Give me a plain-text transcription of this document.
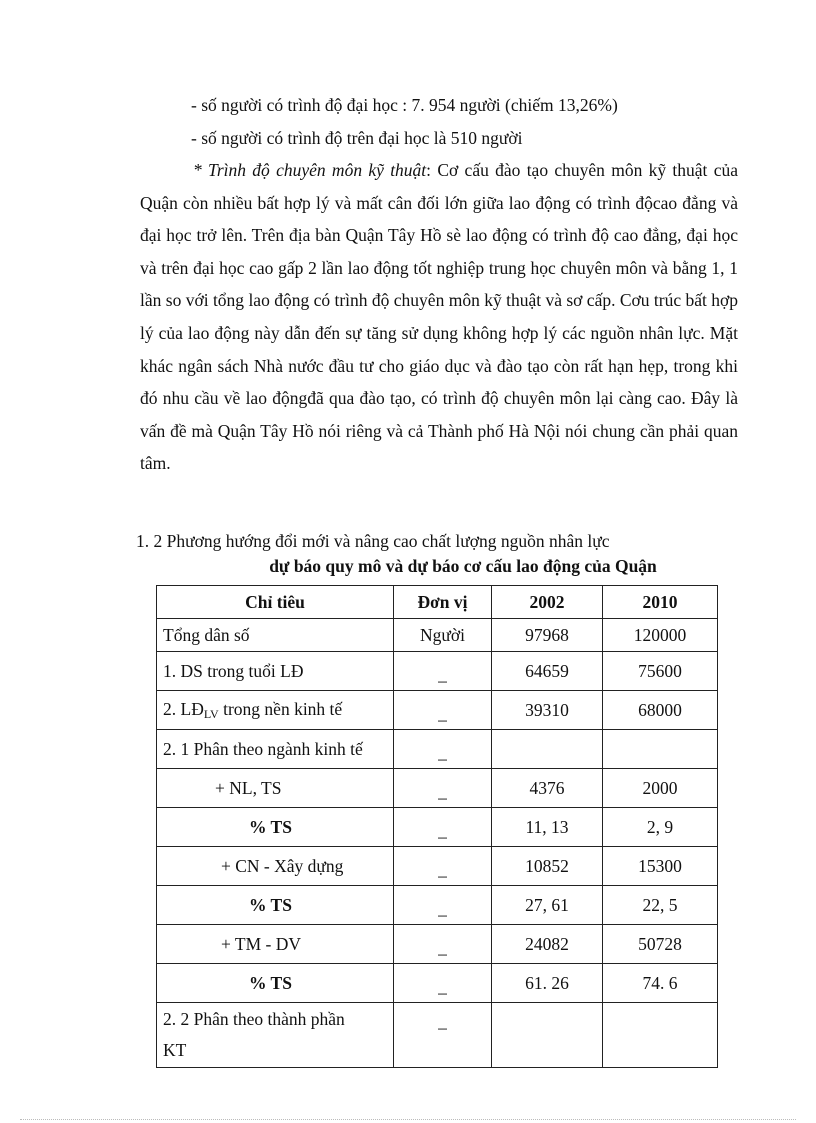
- số người có trình độ đại học : 7. 954 người (chiếm 13,26%)
- số người có trình độ trên đại học là 510 người

* Trình độ chuyên môn kỹ thuật: Cơ cấu đào tạo chuyên môn kỹ thuật của Quận còn nhiều bất hợp lý và mất cân đối lớn giữa lao động có trình độcao đẳng và đại học trở lên. Trên địa bàn Quận Tây Hồ sè lao động có trình độ cao đẳng, đại học và trên đại học cao gấp 2 lần lao động tốt nghiệp trung học chuyên môn và bằng 1, 1 lần so với tổng lao động có trình độ chuyên môn kỹ thuật và sơ cấp. Cơu trúc bất hợp lý của lao động này dẫn đến sự tăng sử dụng không hợp lý các nguồn nhân lực. Mặt khác ngân sách Nhà nước đầu tư cho giáo dục và đào tạo còn rất hạn hẹp, trong khi đó nhu cầu về lao độngđã qua đào tạo, có trình độ chuyên môn lại càng cao. Đây là vấn đề mà Quận Tây Hồ nói riêng và cả Thành phố Hà Nội nói chung cần phải quan tâm.

1. 2 Phương hướng đổi mới và nâng cao chất lượng nguồn nhân lực
dự báo quy mô và dự báo cơ cấu lao động của Quận
Chỉ tiêu	Đơn vị	2002	2010
Tổng dân số	Người	97968	120000
1. DS trong tuổi LĐ	_	64659	75600
2. $LĐ_{LV}$ trong nền kinh tế	_	39310	68000
2. 1 Phân theo ngành kinh tế	_		
+ NL, TS	_	4376	2000
% TS	_	11, 13	2, 9
+ CN - Xây dựng	_	10852	15300
% TS	_	27, 61	22, 5
+ TM - DV	_	24082	50728
% TS	_	61. 26	74. 6
2. 2 Phân theo thành phần
KT	_		
